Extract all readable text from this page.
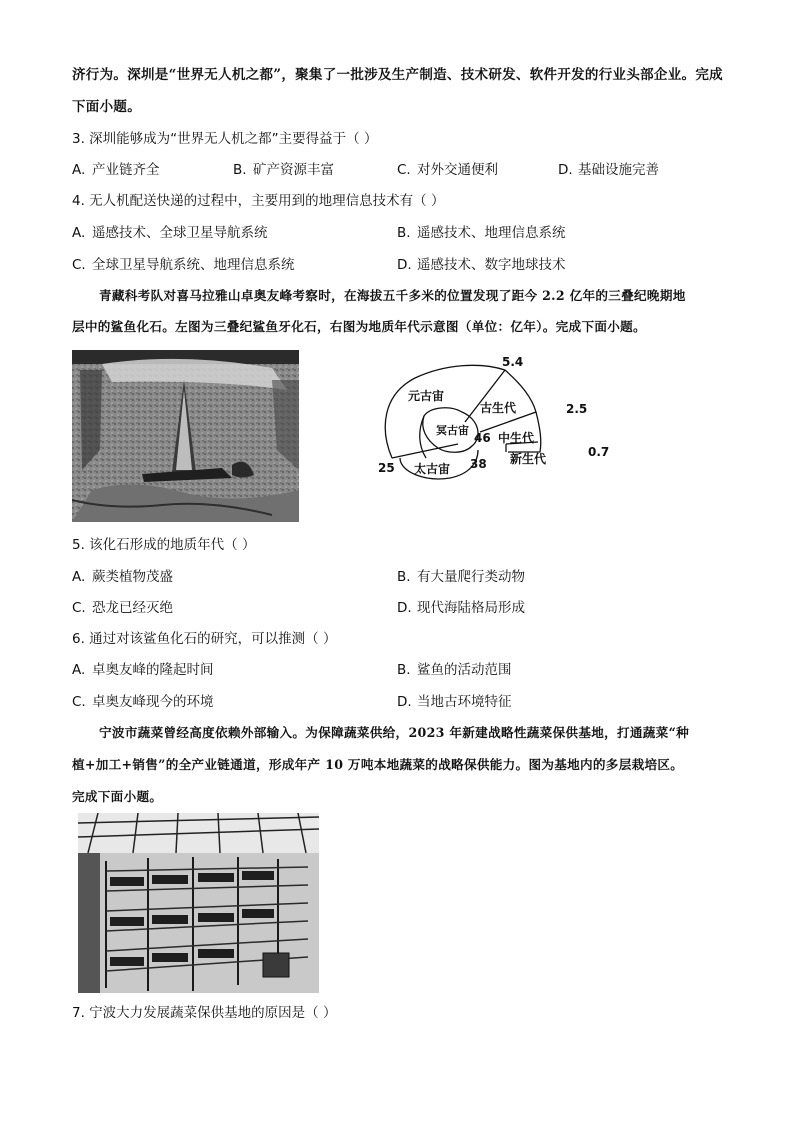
济行为。深圳是“世界无人机之都”，聚集了一批涉及生产制造、技术研发、软件开发的行业头部企业。完成
下面小题。
3. 深圳能够成为“世界无人机之都”主要得益于（ ）
A. 产业链齐全	B. 矿产资源丰富	C. 对外交通便利	D. 基础设施完善
4. 无人机配送快递的过程中，主要用到的地理信息技术有（ ）
A. 遥感技术、全球卫星导航系统	B. 遥感技术、地理信息系统
C. 全球卫星导航系统、地理信息系统	D. 遥感技术、数字地球技术
青藏科考队对喜马拉雅山卓奥友峰考察时，在海拔五千多米的位置发现了距今 2.2 亿年的三叠纪晚期地
层中的鲨鱼化石。左图为三叠纪鲨鱼牙化石，右图为地质年代示意图（单位：亿年）。完成下面小题。
元古宙
古生代
中生代
新生代
冥古宙
太古宙
5.4
2.5
0.7
46
38
25
5. 该化石形成的地质年代（ ）
A. 蕨类植物茂盛	B. 有大量爬行类动物
C. 恐龙已经灭绝	D. 现代海陆格局形成
6. 通过对该鲨鱼化石的研究，可以推测（ ）
A. 卓奥友峰的隆起时间	B. 鲨鱼的活动范围
C. 卓奥友峰现今的环境	D. 当地古环境特征
宁波市蔬菜曾经高度依赖外部输入。为保障蔬菜供给，2023 年新建战略性蔬菜保供基地，打通蔬菜“种
植+加工+销售”的全产业链通道，形成年产 10 万吨本地蔬菜的战略保供能力。图为基地内的多层栽培区。
完成下面小题。
7. 宁波大力发展蔬菜保供基地的原因是（ ）
